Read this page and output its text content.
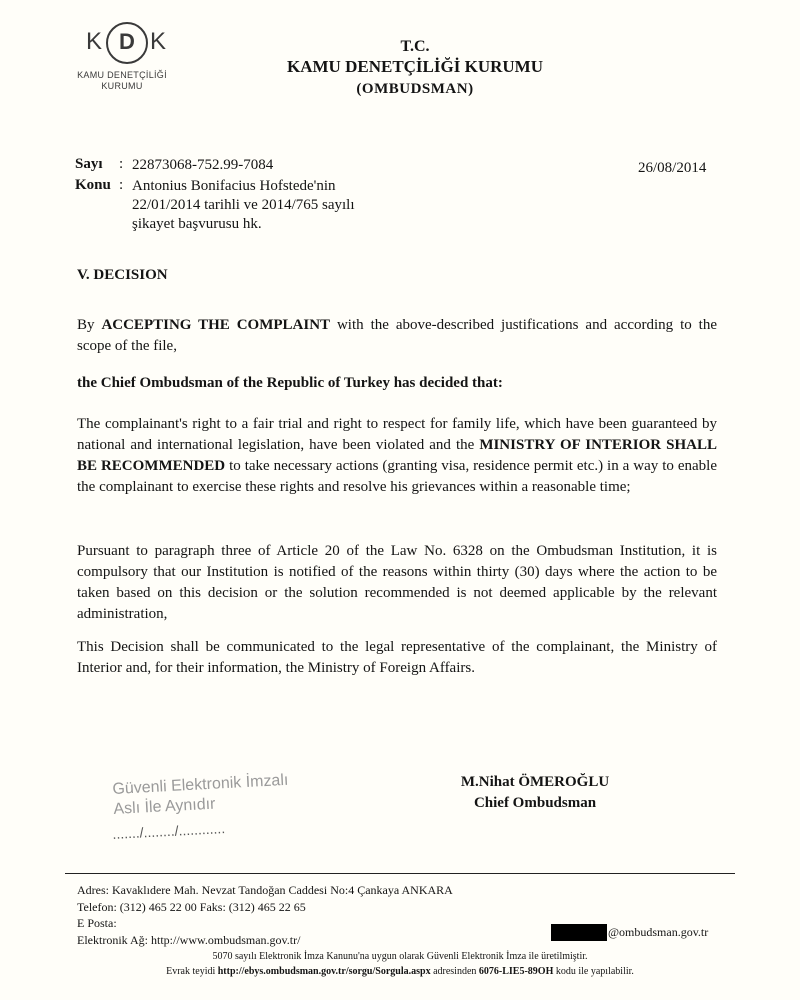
K D K
KAMU DENETÇİLİĞİ
KURUMU
T.C.
KAMU DENETÇİLİĞİ KURUMU
(OMBUDSMAN)
Sayı : 22873068-752.99-7084
Konu : Antonius Bonifacius Hofstede'nin
22/01/2014 tarihli ve 2014/765 sayılı
şikayet başvurusu hk.
26/08/2014
V. DECISION
By ACCEPTING THE COMPLAINT with the above-described justifications and according to the scope of the file,
the Chief Ombudsman of the Republic of Turkey has decided that:
The complainant's right to a fair trial and right to respect for family life, which have been guaranteed by national and international legislation, have been violated and the MINISTRY OF INTERIOR SHALL BE RECOMMENDED to take necessary actions (granting visa, residence permit etc.) in a way to enable the complainant to exercise these rights and resolve his grievances within a reasonable time;
Pursuant to paragraph three of Article 20 of the Law No. 6328 on the Ombudsman Institution, it is compulsory that our Institution is notified of the reasons within thirty (30) days where the action to be taken based on this decision or the solution recommended is not deemed applicable by the relevant administration,
This Decision shall be communicated to the legal representative of the complainant, the Ministry of Interior and, for their information, the Ministry of Foreign Affairs.
Güvenli Elektronik İmzalı
Aslı İle Aynıdır
......./......../............
M.Nihat ÖMEROĞLU
Chief Ombudsman
Adres: Kavaklıdere Mah. Nevzat Tandoğan Caddesi No:4 Çankaya ANKARA
Telefon: (312) 465 22 00 Faks: (312) 465 22 65
E Posta:
Elektronik Ağ: http://www.ombudsman.gov.tr/
@ombudsman.gov.tr
5070 sayılı Elektronik İmza Kanunu'na uygun olarak Güvenli Elektronik İmza ile üretilmiştir.
Evrak teyidi http://ebys.ombudsman.gov.tr/sorgu/Sorgula.aspx adresinden 6076-LIE5-89OH kodu ile yapılabilir.
